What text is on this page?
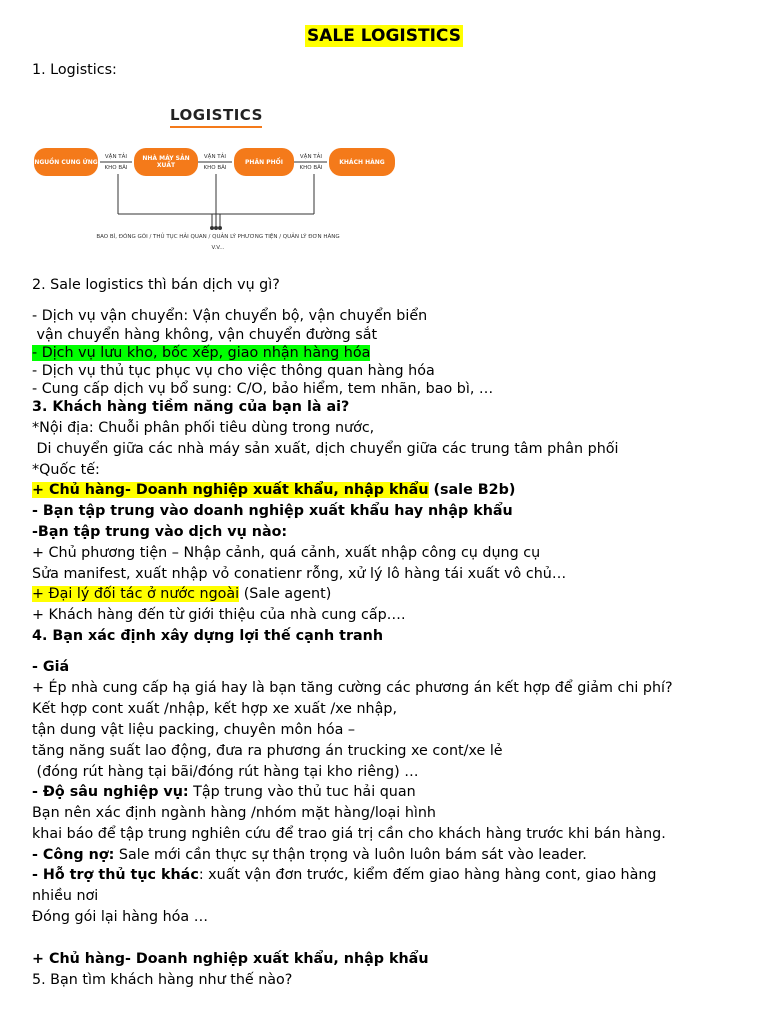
SALE LOGISTICS
1. Logistics:
LOGISTICS
NGUỒN CUNG ỨNG	NHÀ MÁY SẢN XUẤT	PHÂN PHỐI	KHÁCH HÀNG
VẬN TẢI
KHO BÃI
VẬN TẢI
KHO BÃI
VẬN TẢI
KHO BÃI
BAO BÌ, ĐÓNG GÓI / THỦ TỤC HẢI QUAN / QUẢN LÝ PHƯƠNG TIỆN / QUẢN LÝ ĐƠN HÀNG
V.V...
2. Sale logistics thì bán dịch vụ gì?
- Dịch vụ vận chuyển: Vận chuyển bộ, vận chuyển biển
vận chuyển hàng không, vận chuyển đường sắt
- Dịch vụ lưu kho, bốc xếp, giao nhận hàng hóa
- Dịch vụ thủ tục phục vụ cho việc thông quan hàng hóa
- Cung cấp dịch vụ bổ sung: C/O, bảo hiểm, tem nhãn, bao bì, …
3. Khách hàng tiềm năng của bạn là ai?
*Nội địa: Chuỗi phân phối tiêu dùng trong nước,
Di chuyển giữa các nhà máy sản xuất, dịch chuyển giữa các trung tâm phân phối
*Quốc tế:
+ Chủ hàng- Doanh nghiệp xuất khẩu, nhập khẩu (sale B2b)
- Bạn tập trung vào doanh nghiệp xuất khẩu hay nhập khẩu
-Bạn tập trung vào dịch vụ nào:
+ Chủ phương tiện – Nhập cảnh, quá cảnh, xuất nhập công cụ dụng cụ
Sửa manifest, xuất nhập vỏ conatienr rỗng, xử lý lô hàng tái xuất vô chủ…
+ Đại lý đối tác ở nước ngoài (Sale agent)
+ Khách hàng đến từ giới thiệu của nhà cung cấp….
4. Bạn xác định xây dựng lợi thế cạnh tranh
- Giá
+ Ép nhà cung cấp hạ giá hay là bạn tăng cường các phương án kết hợp để giảm chi phí?
Kết hợp cont xuất /nhập, kết hợp xe xuất /xe nhập,
tận dung vật liệu packing, chuyên môn hóa –
tăng năng suất lao động, đưa ra phương án trucking xe cont/xe lẻ
(đóng rút hàng tại bãi/đóng rút hàng tại kho riêng) …
- Độ sâu nghiệp vụ: Tập trung vào thủ tuc hải quan
Bạn nên xác định ngành hàng /nhóm mặt hàng/loại hình
khai báo để tập trung nghiên cứu để trao giá trị cần cho khách hàng trước khi bán hàng.
- Công nợ: Sale mới cần thực sự thận trọng và luôn luôn bám sát vào leader.
- Hỗ trợ thủ tục khác: xuất vận đơn trước, kiểm đếm giao hàng hàng cont, giao hàng
nhiều nơi
Đóng gói lại hàng hóa …
+ Chủ hàng- Doanh nghiệp xuất khẩu, nhập khẩu
5. Bạn tìm khách hàng như thế nào?
